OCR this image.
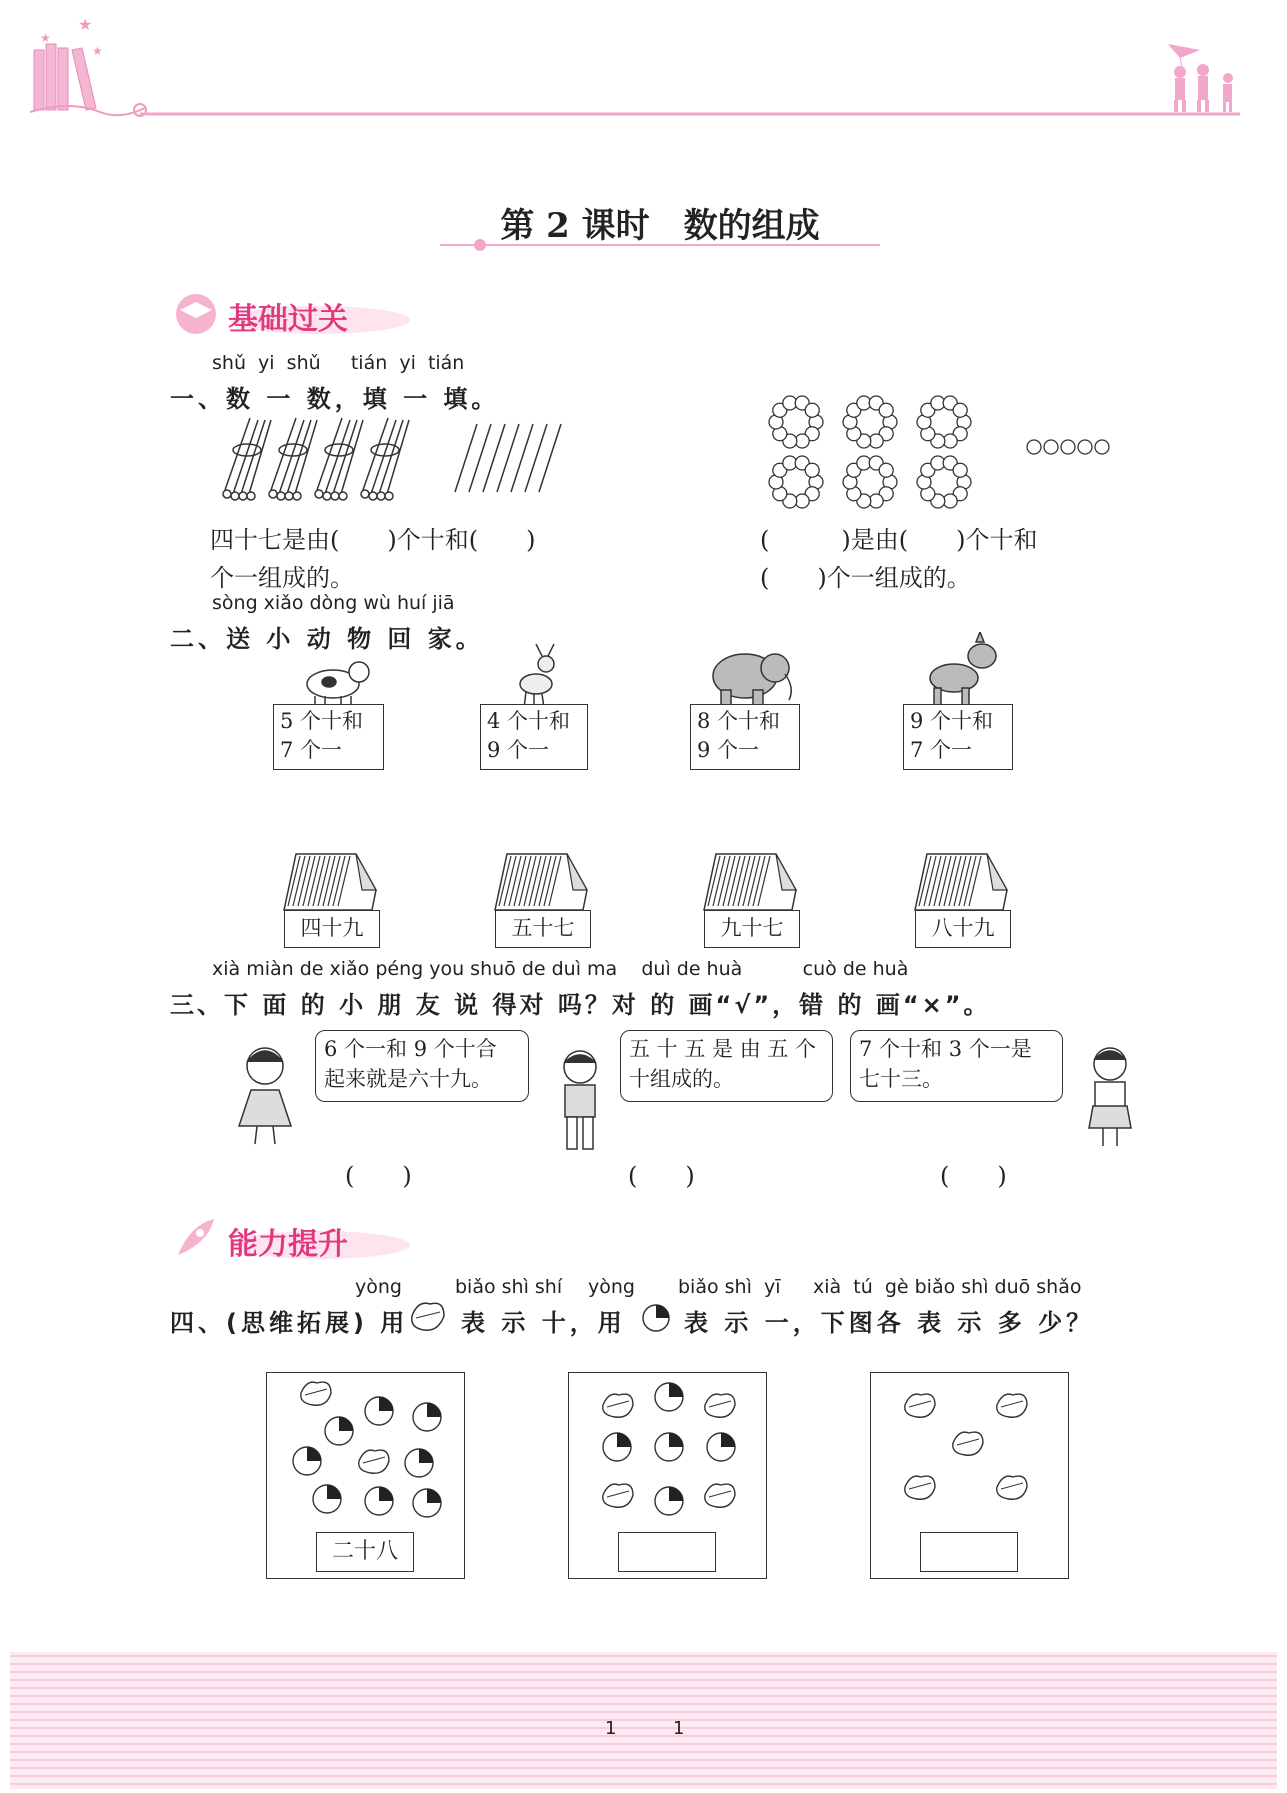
★
★
★
第 2 课时　数的组成
基础过关
shǔ  yi  shǔ     tián  yi  tián
一、数 一 数，填 一 填。
四十七是由(　　)个十和(　　)
个一组成的。
(　　　)是由(　　)个十和
(　　)个一组成的。
sòng xiǎo dòng wù huí jiā
二、送 小 动 物 回 家。
5 个十和
7 个一
4 个十和
9 个一
8 个十和
9 个一
9 个十和
7 个一
四十九	五十七	九十七	八十九
xià miàn de xiǎo péng you shuō de duì ma    duì de huà          cuò de huà
三、下 面 的 小 朋 友 说 得对 吗？对 的 画“√”，错 的 画“×”。
6 个一和 9 个十合
起来就是六十九。
五 十 五 是 由 五 个
十组成的。
7 个十和 3 个一是
七十三。
(　　)	(　　)	(　　)
能力提升
yòng	biǎo shì shí yòng biǎo shì  yī xià  tú  gè biǎo shì duō shǎo
四、(思维拓展) 用 表 示 十，用 表 示 一，下图各 表 示 多 少？
二十八
1	1
